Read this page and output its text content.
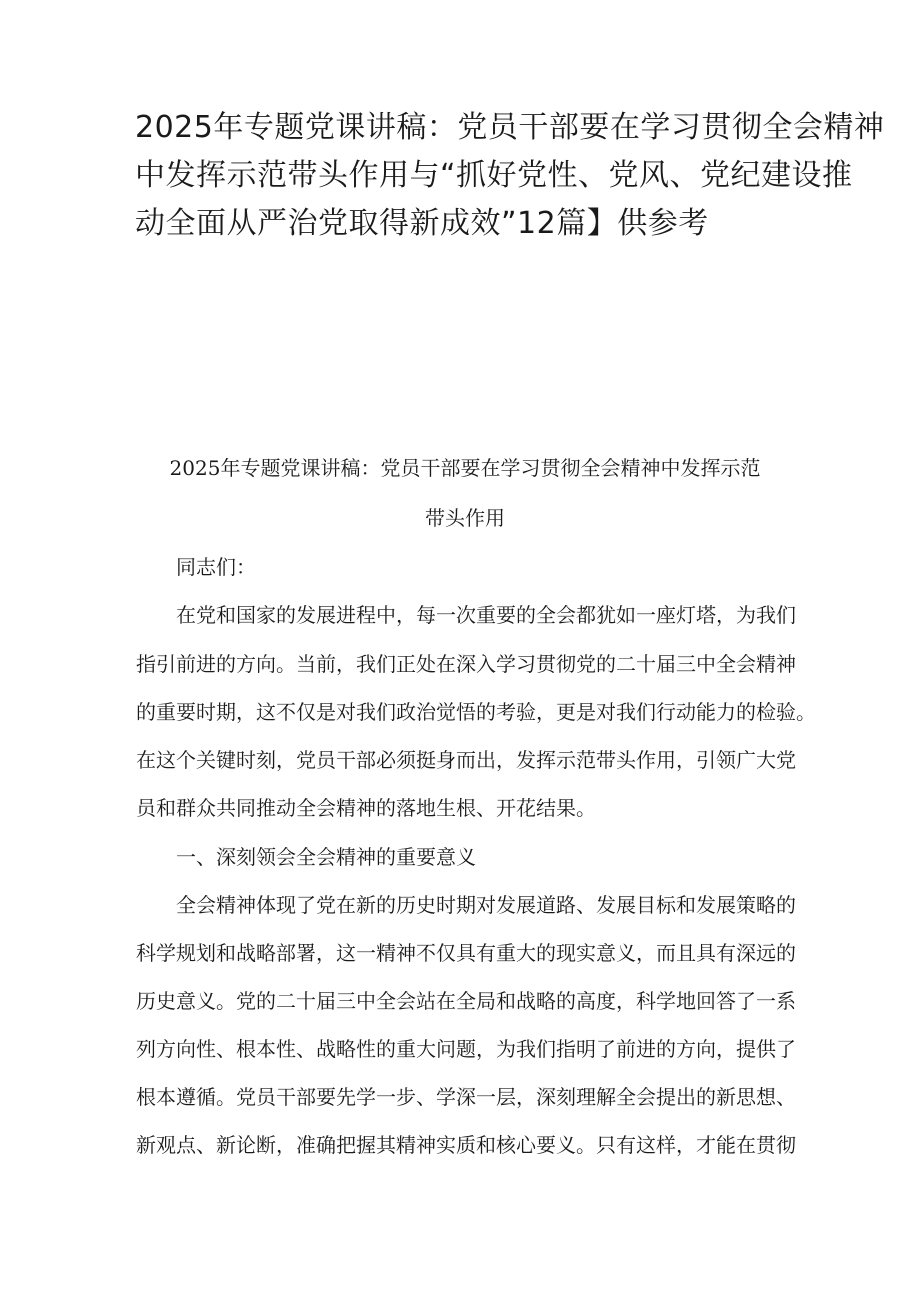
2025年专题党课讲稿：党员干部要在学习贯彻全会精神
中发挥示范带头作用与“抓好党性、党风、党纪建设推
动全面从严治党取得新成效”12篇】供参考
2025年专题党课讲稿：党员干部要在学习贯彻全会精神中发挥示范
带头作用

同志们：

在党和国家的发展进程中，每一次重要的全会都犹如一座灯塔，为我们

指引前进的方向。当前，我们正处在深入学习贯彻党的二十届三中全会精神

的重要时期，这不仅是对我们政治觉悟的考验，更是对我们行动能力的检验。

在这个关键时刻，党员干部必须挺身而出，发挥示范带头作用，引领广大党

员和群众共同推动全会精神的落地生根、开花结果。

一、深刻领会全会精神的重要意义

全会精神体现了党在新的历史时期对发展道路、发展目标和发展策略的

科学规划和战略部署，这一精神不仅具有重大的现实意义，而且具有深远的

历史意义。党的二十届三中全会站在全局和战略的高度，科学地回答了一系

列方向性、根本性、战略性的重大问题，为我们指明了前进的方向，提供了

根本遵循。党员干部要先学一步、学深一层，深刻理解全会提出的新思想、

新观点、新论断，准确把握其精神实质和核心要义。只有这样，才能在贯彻
